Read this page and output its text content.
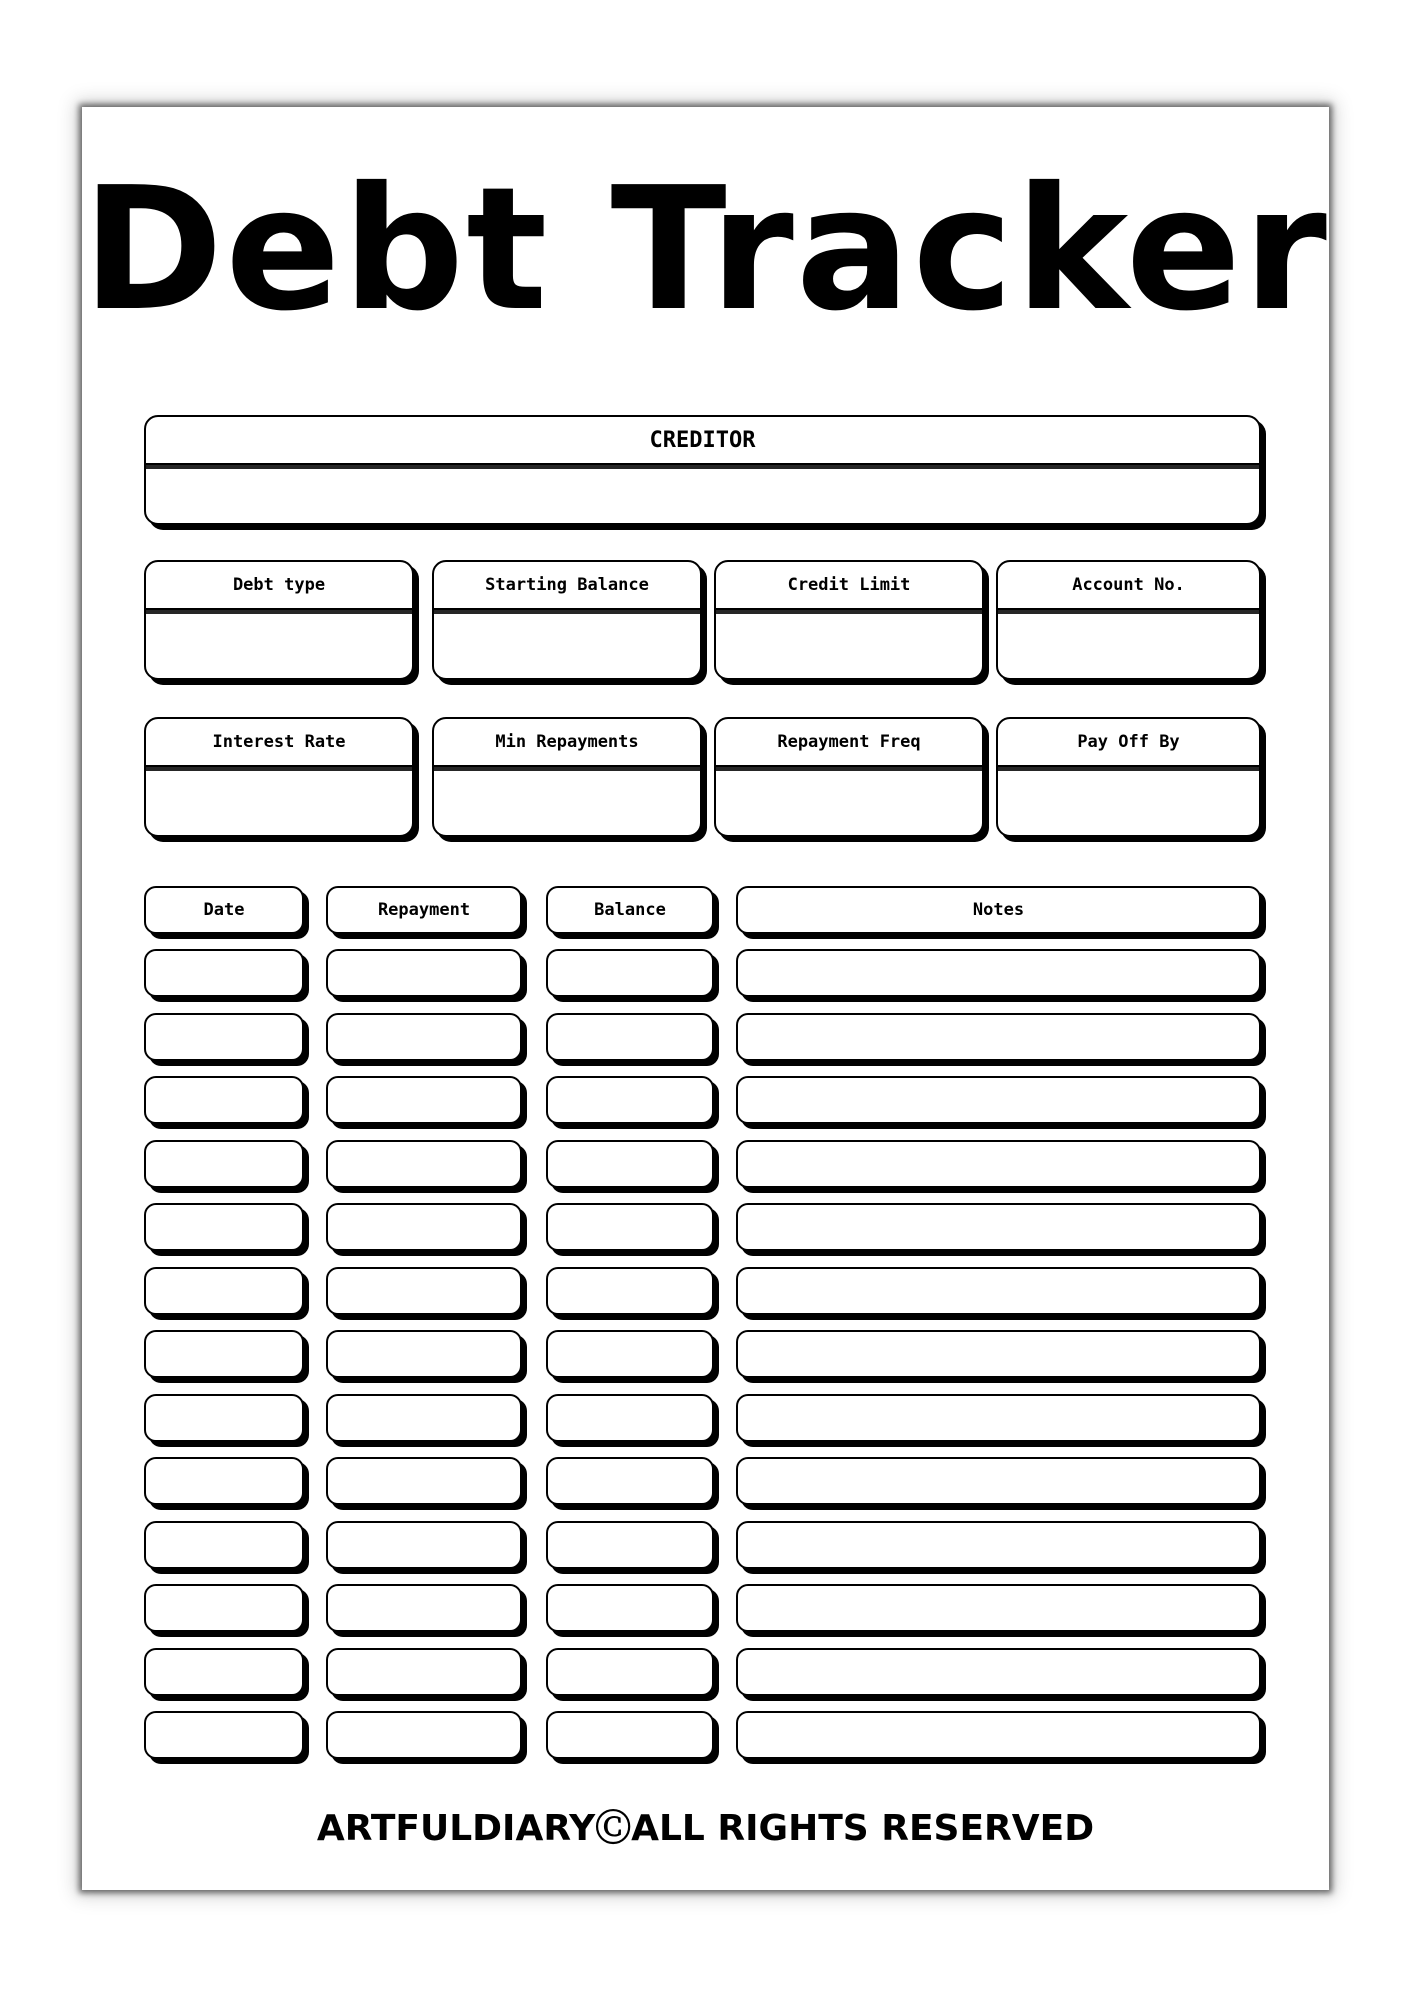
Debt Tracker
CREDITOR
Debt type	Starting Balance	Credit Limit	Account No.
Interest Rate	Min Repayments	Repayment Freq	Pay Off By
Date	Repayment	Balance	Notes
ARTFULDIARYⒸALL RIGHTS RESERVED
